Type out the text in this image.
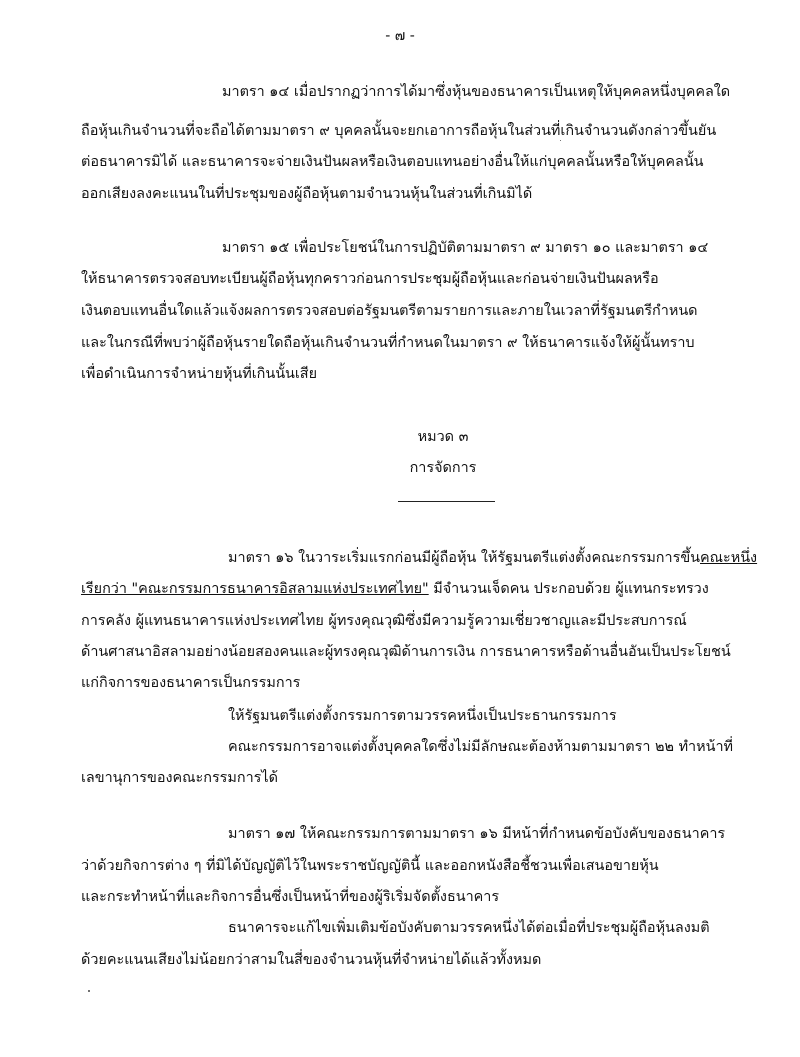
- ๗ -
มาตรา ๑๔ เมื่อปรากฏว่าการได้มาซึ่งหุ้นของธนาคารเป็นเหตุให้บุคคลหนึ่งบุคคลใด
ถือหุ้นเกินจำนวนที่จะถือได้ตามมาตรา ๙ บุคคลนั้นจะยกเอาการถือหุ้นในส่วนที่เกินจำนวนดังกล่าวขึ้นยัน
ต่อธนาคารมิได้ และธนาคารจะจ่ายเงินปันผลหรือเงินตอบแทนอย่างอื่นให้แก่บุคคลนั้นหรือให้บุคคลนั้น
ออกเสียงลงคะแนนในที่ประชุมของผู้ถือหุ้นตามจำนวนหุ้นในส่วนที่เกินมิได้
มาตรา ๑๕ เพื่อประโยชน์ในการปฏิบัติตามมาตรา ๙ มาตรา ๑๐ และมาตรา ๑๔
ให้ธนาคารตรวจสอบทะเบียนผู้ถือหุ้นทุกคราวก่อนการประชุมผู้ถือหุ้นและก่อนจ่ายเงินปันผลหรือ
เงินตอบแทนอื่นใดแล้วแจ้งผลการตรวจสอบต่อรัฐมนตรีตามรายการและภายในเวลาที่รัฐมนตรีกำหนด
และในกรณีที่พบว่าผู้ถือหุ้นรายใดถือหุ้นเกินจำนวนที่กำหนดในมาตรา ๙ ให้ธนาคารแจ้งให้ผู้นั้นทราบ
เพื่อดำเนินการจำหน่ายหุ้นที่เกินนั้นเสีย
หมวด ๓
การจัดการ
มาตรา ๑๖ ในวาระเริ่มแรกก่อนมีผู้ถือหุ้น ให้รัฐมนตรีแต่งตั้งคณะกรรมการขึ้นคณะหนึ่ง
เรียกว่า "คณะกรรมการธนาคารอิสลามแห่งประเทศไทย" มีจำนวนเจ็ดคน ประกอบด้วย ผู้แทนกระทรวง
การคลัง ผู้แทนธนาคารแห่งประเทศไทย ผู้ทรงคุณวุฒิซึ่งมีความรู้ความเชี่ยวชาญและมีประสบการณ์
ด้านศาสนาอิสลามอย่างน้อยสองคนและผู้ทรงคุณวุฒิด้านการเงิน การธนาคารหรือด้านอื่นอันเป็นประโยชน์
แก่กิจการของธนาคารเป็นกรรมการ
ให้รัฐมนตรีแต่งตั้งกรรมการตามวรรคหนึ่งเป็นประธานกรรมการ
คณะกรรมการอาจแต่งตั้งบุคคลใดซึ่งไม่มีลักษณะต้องห้ามตามมาตรา ๒๒ ทำหน้าที่
เลขานุการของคณะกรรมการได้
มาตรา ๑๗ ให้คณะกรรมการตามมาตรา ๑๖ มีหน้าที่กำหนดข้อบังคับของธนาคาร
ว่าด้วยกิจการต่าง ๆ ที่มิได้บัญญัติไว้ในพระราชบัญญัตินี้ และออกหนังสือชี้ชวนเพื่อเสนอขายหุ้น
และกระทำหน้าที่และกิจการอื่นซึ่งเป็นหน้าที่ของผู้ริเริ่มจัดตั้งธนาคาร
ธนาคารจะแก้ไขเพิ่มเติมข้อบังคับตามวรรคหนึ่งได้ต่อเมื่อที่ประชุมผู้ถือหุ้นลงมติ
ด้วยคะแนนเสียงไม่น้อยกว่าสามในสี่ของจำนวนหุ้นที่จำหน่ายได้แล้วทั้งหมด
